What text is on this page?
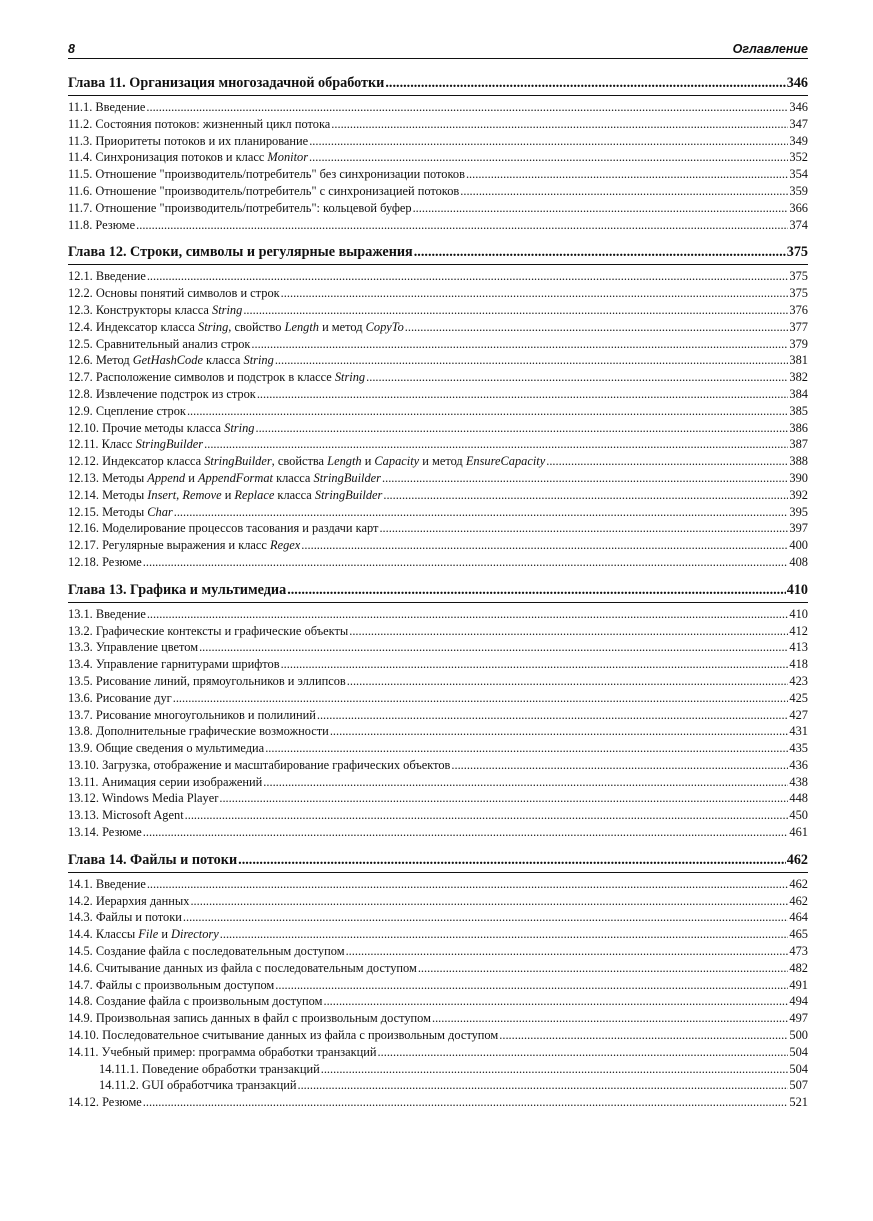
8	Оглавление
Глава 11. Организация многозадачной обработки .....	346
11.1. Введение .....	346
11.2. Состояния потоков: жизненный цикл потока .....	347
11.3. Приоритеты потоков и их планирование .....	349
11.4. Синхронизация потоков и класс Monitor .....	352
11.5. Отношение "производитель/потребитель" без синхронизации потоков .....	354
11.6. Отношение "производитель/потребитель" с синхронизацией потоков .....	359
11.7. Отношение "производитель/потребитель": кольцевой буфер .....	366
11.8. Резюме .....	374
Глава 12. Строки, символы и регулярные выражения .....	375
12.1. Введение .....	375
12.2. Основы понятий символов и строк .....	375
12.3. Конструкторы класса String .....	376
12.4. Индексатор класса String, свойство Length и метод CopyTo .....	377
12.5. Сравнительный анализ строк .....	379
12.6. Метод GetHashCode класса String .....	381
12.7. Расположение символов и подстрок в классе String .....	382
12.8. Извлечение подстрок из строк .....	384
12.9. Сцепление строк .....	385
12.10. Прочие методы класса String .....	386
12.11. Класс StringBuilder .....	387
12.12. Индексатор класса StringBuilder, свойства Length и Capacity и метод EnsureCapacity .....	388
12.13. Методы Append и AppendFormat класса StringBuilder .....	390
12.14. Методы Insert, Remove и Replace класса StringBuilder .....	392
12.15. Методы Char .....	395
12.16. Моделирование процессов тасования и раздачи карт .....	397
12.17. Регулярные выражения и класс Regex .....	400
12.18. Резюме .....	408
Глава 13. Графика и мультимедиа .....	410
13.1. Введение .....	410
13.2. Графические контексты и графические объекты .....	412
13.3. Управление цветом .....	413
13.4. Управление гарнитурами шрифтов .....	418
13.5. Рисование линий, прямоугольников и эллипсов .....	423
13.6. Рисование дуг .....	425
13.7. Рисование многоугольников и полилиний .....	427
13.8. Дополнительные графические возможности .....	431
13.9. Общие сведения о мультимедиа .....	435
13.10. Загрузка, отображение и масштабирование графических объектов .....	436
13.11. Анимация серии изображений .....	438
13.12. Windows Media Player .....	448
13.13. Microsoft Agent .....	450
13.14. Резюме .....	461
Глава 14. Файлы и потоки .....	462
14.1. Введение .....	462
14.2. Иерархия данных .....	462
14.3. Файлы и потоки .....	464
14.4. Классы File и Directory .....	465
14.5. Создание файла с последовательным доступом .....	473
14.6. Считывание данных из файла с последовательным доступом .....	482
14.7. Файлы с произвольным доступом .....	491
14.8. Создание файла с произвольным доступом .....	494
14.9. Произвольная запись данных в файл с произвольным доступом .....	497
14.10. Последовательное считывание данных из файла с произвольным доступом .....	500
14.11. Учебный пример: программа обработки транзакций .....	504
14.11.1. Поведение обработки транзакций .....	504
14.11.2. GUI обработчика транзакций .....	507
14.12. Резюме .....	521
